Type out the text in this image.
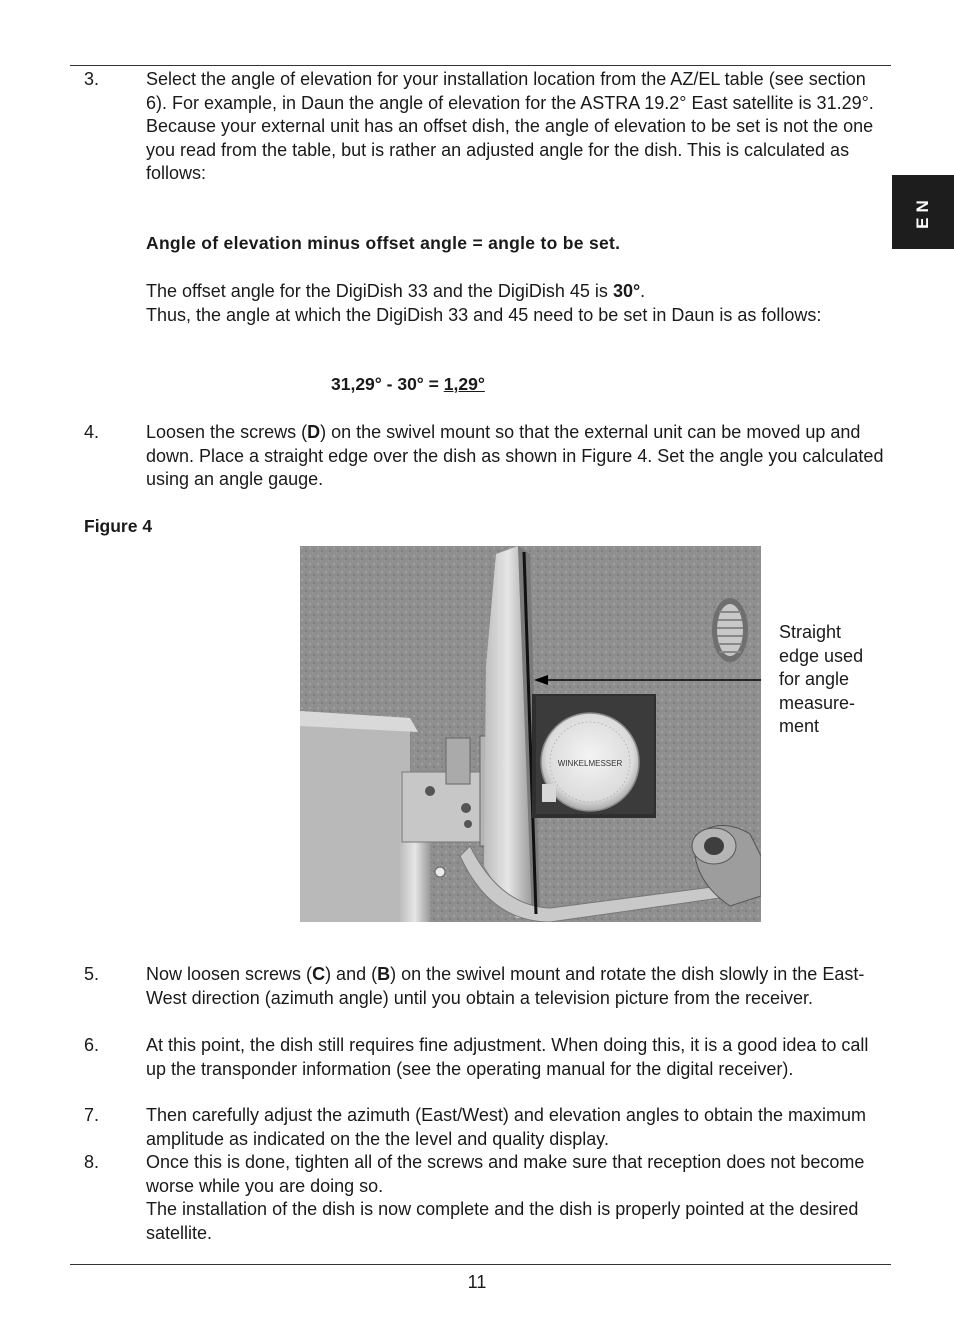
EN
3.	Select the angle of elevation for your installation location from the AZ/EL table (see section 6). For example, in Daun the angle of elevation for the ASTRA 19.2° East satellite is 31.29°.

Because your external unit has an offset dish, the angle of elevation to be set is not the one you read from the table, but is rather an adjusted angle for the dish. This is calculated as follows:

Angle of elevation minus offset angle = angle to be set.

The offset angle for the DigiDish 33 and the DigiDish 45 is 30°.

Thus, the angle at which the DigiDish 33 and 45 need to be set in Daun is as follows:

31,29° - 30° = 1,29°
4.	Loosen the screws (D) on the swivel mount so that the external unit can be moved up and down. Place a straight edge over the dish as shown in Figure 4. Set the angle you calculated using an angle gauge.

Figure 4
WINKELMESSER
Straight
edge used
for angle
measure-
ment
5.	Now loosen screws (C) and (B) on the swivel mount and rotate the dish slowly in the East-West direction (azimuth angle) until you obtain a television picture from the receiver.

6.	At this point, the dish still requires fine adjustment. When doing this, it is a good idea to call up the transponder information (see the operating manual for the digital receiver).

7.	Then carefully adjust the azimuth (East/West) and elevation angles to obtain the maximum amplitude as indicated on the the level and quality display.

8.	Once this is done, tighten all of the screws and make sure that reception does not become worse while you are doing so.

The installation of the dish is now complete and the dish is properly pointed at the desired satellite.

11
